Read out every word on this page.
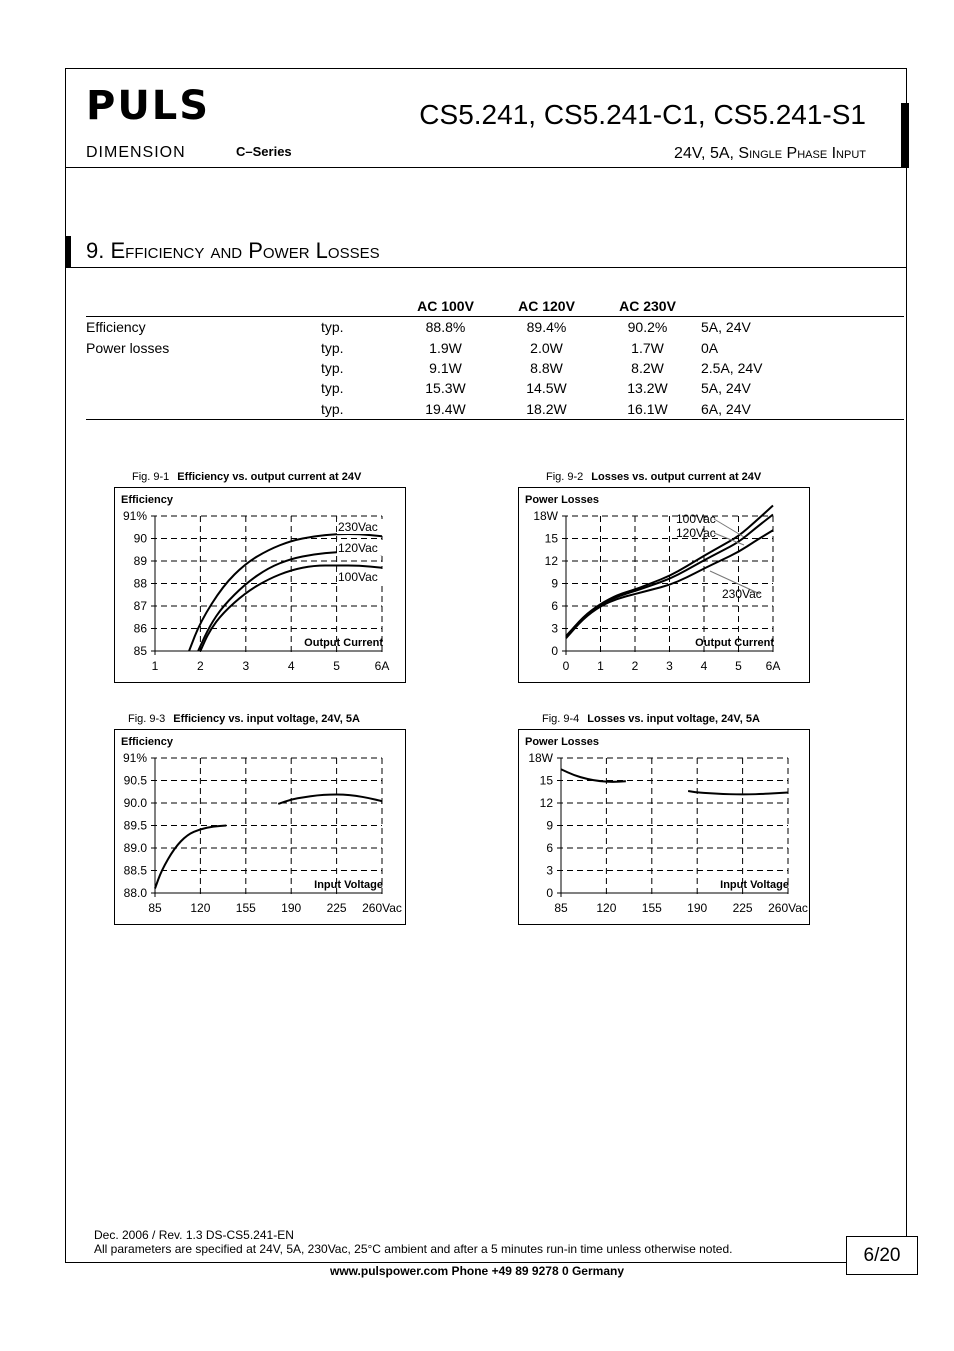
PULS
DIMENSION	C–Series
CS5.241, CS5.241-C1, CS5.241-S1
24V, 5A, Single Phase Input
9. Efficiency and Power Losses
		AC 100V	AC 120V	AC 230V	
Efficiency	typ.	88.8%	89.4%	90.2%	5A, 24V
Power losses	typ.	1.9W	2.0W	1.7W	0A
	typ.	9.1W	8.8W	8.2W	2.5A, 24V
	typ.	15.3W	14.5W	13.2W	5A, 24V
	typ.	19.4W	18.2W	16.1W	6A, 24V
Fig. 9-1 Efficiency vs. output current at 24V	Fig. 9-2 Losses vs. output current at 24V
Fig. 9-3 Efficiency vs. input voltage, 24V, 5A	Fig. 9-4 Losses vs. input voltage, 24V, 5A
1	2	3	4	5	6A
85
86
87
88
89
90
91%
Efficiency
Output Current
230Vac
120Vac
100Vac
0 1 2 3 4 5 6A
0
3
6
9
12
15
18W
Power Losses
Output Current
100Vac
120Vac
230Vac
85 120 155 190 225 260Vac
88.0
88.5
89.0
89.5
90.0
90.5
91%
Efficiency
Input Voltage
85 120 155 190 225 260Vac
0
3
6
9
12
15
18W
Power Losses
Input Voltage
Dec. 2006 / Rev. 1.3 DS-CS5.241-EN
All parameters are specified at 24V, 5A, 230Vac, 25°C ambient and after a 5 minutes run-in time unless otherwise noted.
www.pulspower.com Phone +49 89 9278 0 Germany
6/20
